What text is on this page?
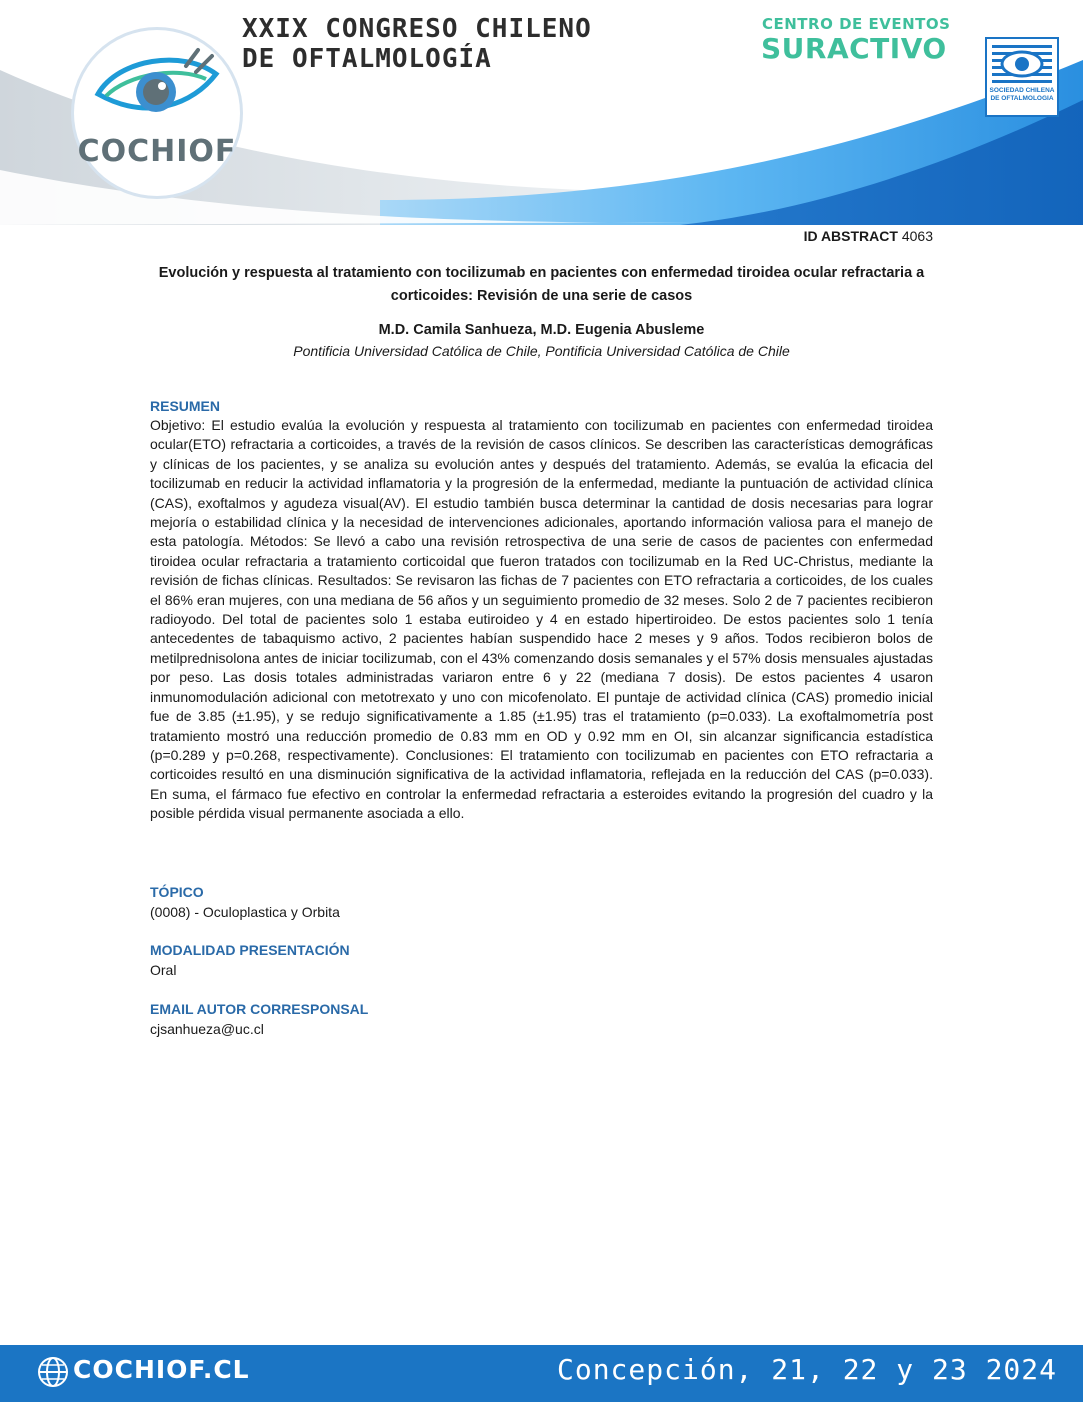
COCHIOF
XXIX CONGRESO CHILENO
DE OFTALMOLOGÍA
CENTRO DE EVENTOS
SURACTIVO
SOCIEDAD CHILENA
DE OFTALMOLOGIA
ID ABSTRACT 4063
Evolución y respuesta al tratamiento con tocilizumab en pacientes con enfermedad tiroidea ocular refractaria a corticoides: Revisión de una serie de casos
M.D. Camila Sanhueza, M.D. Eugenia Abusleme
Pontificia Universidad Católica de Chile, Pontificia Universidad Católica de Chile
RESUMEN

Objetivo: El estudio evalúa la evolución y respuesta al tratamiento con tocilizumab en pacientes con enfermedad tiroidea ocular(ETO) refractaria a corticoides, a través de la revisión de casos clínicos. Se describen las características demográficas y clínicas de los pacientes, y se analiza su evolución antes y después del tratamiento. Además, se evalúa la eficacia del tocilizumab en reducir la actividad inflamatoria y la progresión de la enfermedad, mediante la puntuación de actividad clínica (CAS), exoftalmos y agudeza visual(AV). El estudio también busca determinar la cantidad de dosis necesarias para lograr mejoría o estabilidad clínica y la necesidad de intervenciones adicionales, aportando información valiosa para el manejo de esta patología. Métodos: Se llevó a cabo una revisión retrospectiva de una serie de casos de pacientes con enfermedad tiroidea ocular refractaria a tratamiento corticoidal que fueron tratados con tocilizumab en la Red UC-Christus, mediante la revisión de fichas clínicas. Resultados: Se revisaron las fichas de 7 pacientes con ETO refractaria a corticoides, de los cuales el 86% eran mujeres, con una mediana de 56 años y un seguimiento promedio de 32 meses. Solo 2 de 7 pacientes recibieron radioyodo. Del total de pacientes solo 1 estaba eutiroideo y 4 en estado hipertiroideo. De estos pacientes solo 1 tenía antecedentes de tabaquismo activo, 2 pacientes habían suspendido hace 2 meses y 9 años. Todos recibieron bolos de metilprednisolona antes de iniciar tocilizumab, con el 43% comenzando dosis semanales y el 57% dosis mensuales ajustadas por peso. Las dosis totales administradas variaron entre 6 y 22 (mediana 7 dosis). De estos pacientes 4 usaron inmunomodulación adicional con metotrexato y uno con micofenolato. El puntaje de actividad clínica (CAS) promedio inicial fue de 3.85 (±1.95), y se redujo significativamente a 1.85 (±1.95) tras el tratamiento (p=0.033). La exoftalmometría post tratamiento mostró una reducción promedio de 0.83 mm en OD y 0.92 mm en OI, sin alcanzar significancia estadística (p=0.289 y p=0.268, respectivamente). Conclusiones: El tratamiento con tocilizumab en pacientes con ETO refractaria a corticoides resultó en una disminución significativa de la actividad inflamatoria, reflejada en la reducción del CAS (p=0.033). En suma, el fármaco fue efectivo en controlar la enfermedad refractaria a esteroides evitando la progresión del cuadro y la posible pérdida visual permanente asociada a ello.

TÓPICO
(0008) - Oculoplastica y Orbita
MODALIDAD PRESENTACIÓN
Oral
EMAIL AUTOR CORRESPONSAL
cjsanhueza@uc.cl
COCHIOF.CL	Concepción, 21, 22 y 23 2024
